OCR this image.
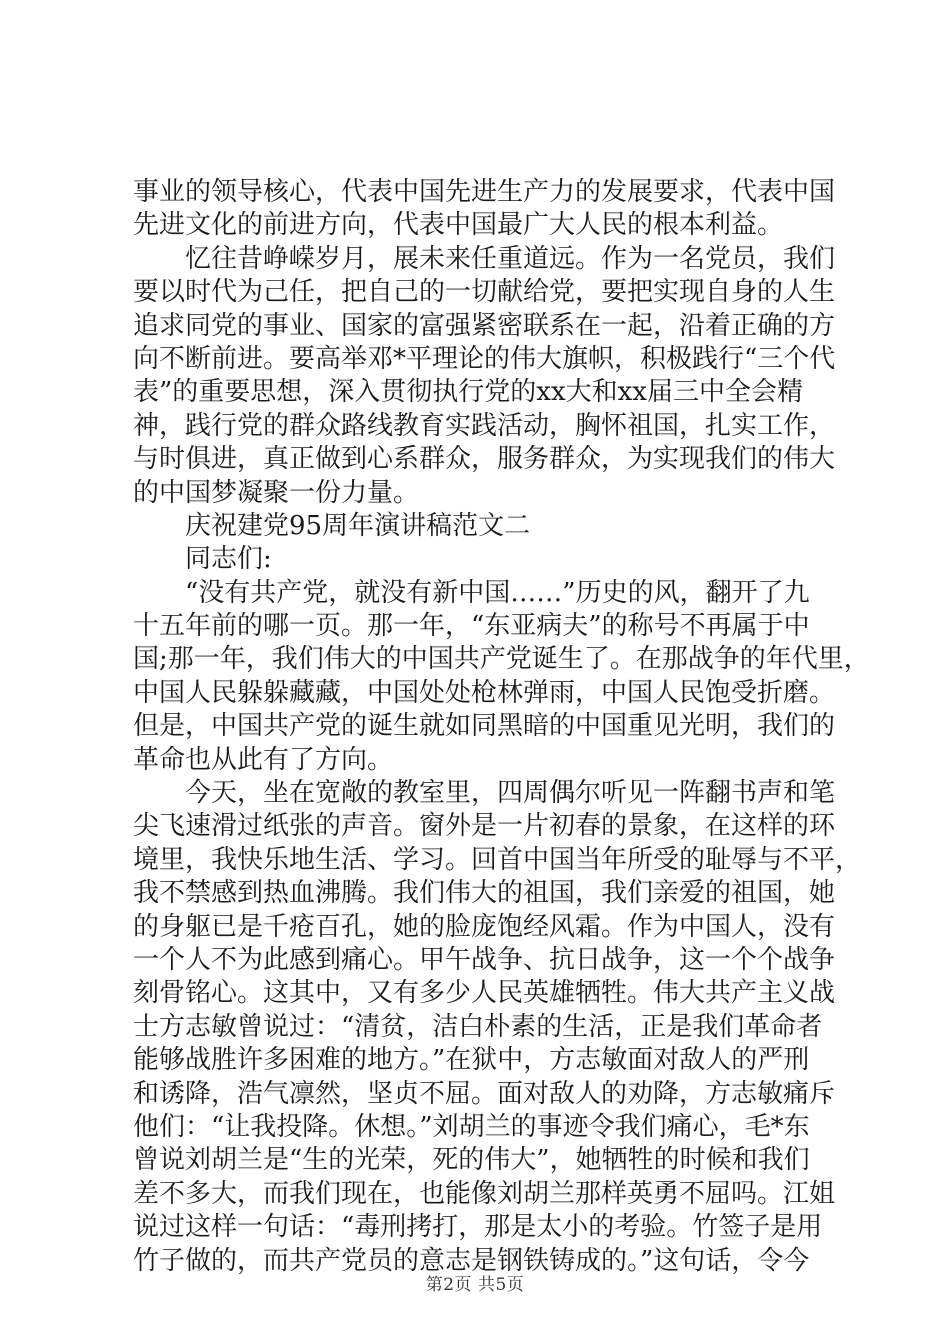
事业的领导核心，代表中国先进生产力的发展要求，代表中国
先进文化的前进方向，代表中国最广大人民的根本利益。
忆往昔峥嵘岁月，展未来任重道远。作为一名党员，我们
要以时代为己任，把自己的一切献给党，要把实现自身的人生
追求同党的事业、国家的富强紧密联系在一起，沿着正确的方
向不断前进。要高举邓*平理论的伟大旗帜，积极践行“三个代
表”的重要思想，深入贯彻执行党的xx大和xx届三中全会精
神，践行党的群众路线教育实践活动，胸怀祖国，扎实工作，
与时俱进，真正做到心系群众，服务群众，为实现我们的伟大
的中国梦凝聚一份力量。
庆祝建党95周年演讲稿范文二
同志们:
“没有共产党，就没有新中国……”历史的风，翻开了九
十五年前的哪一页。那一年，“东亚病夫”的称号不再属于中
国;那一年，我们伟大的中国共产党诞生了。在那战争的年代里，
中国人民躲躲藏藏，中国处处枪林弹雨，中国人民饱受折磨。
但是，中国共产党的诞生就如同黑暗的中国重见光明，我们的
革命也从此有了方向。
今天，坐在宽敞的教室里，四周偶尔听见一阵翻书声和笔
尖飞速滑过纸张的声音。窗外是一片初春的景象，在这样的环
境里，我快乐地生活、学习。回首中国当年所受的耻辱与不平，
我不禁感到热血沸腾。我们伟大的祖国，我们亲爱的祖国，她
的身躯已是千疮百孔，她的脸庞饱经风霜。作为中国人，没有
一个人不为此感到痛心。甲午战争、抗日战争，这一个个战争
刻骨铭心。这其中，又有多少人民英雄牺牲。伟大共产主义战
士方志敏曾说过：“清贫，洁白朴素的生活，正是我们革命者
能够战胜许多困难的地方。”在狱中，方志敏面对敌人的严刑
和诱降，浩气凛然，坚贞不屈。面对敌人的劝降，方志敏痛斥
他们：“让我投降。休想。”刘胡兰的事迹令我们痛心，毛*东
曾说刘胡兰是“生的光荣，死的伟大”，她牺牲的时候和我们
差不多大，而我们现在，也能像刘胡兰那样英勇不屈吗。江姐
说过这样一句话：“毒刑拷打，那是太小的考验。竹签子是用
竹子做的，而共产党员的意志是钢铁铸成的。”这句话，令今
第2页 共5页
